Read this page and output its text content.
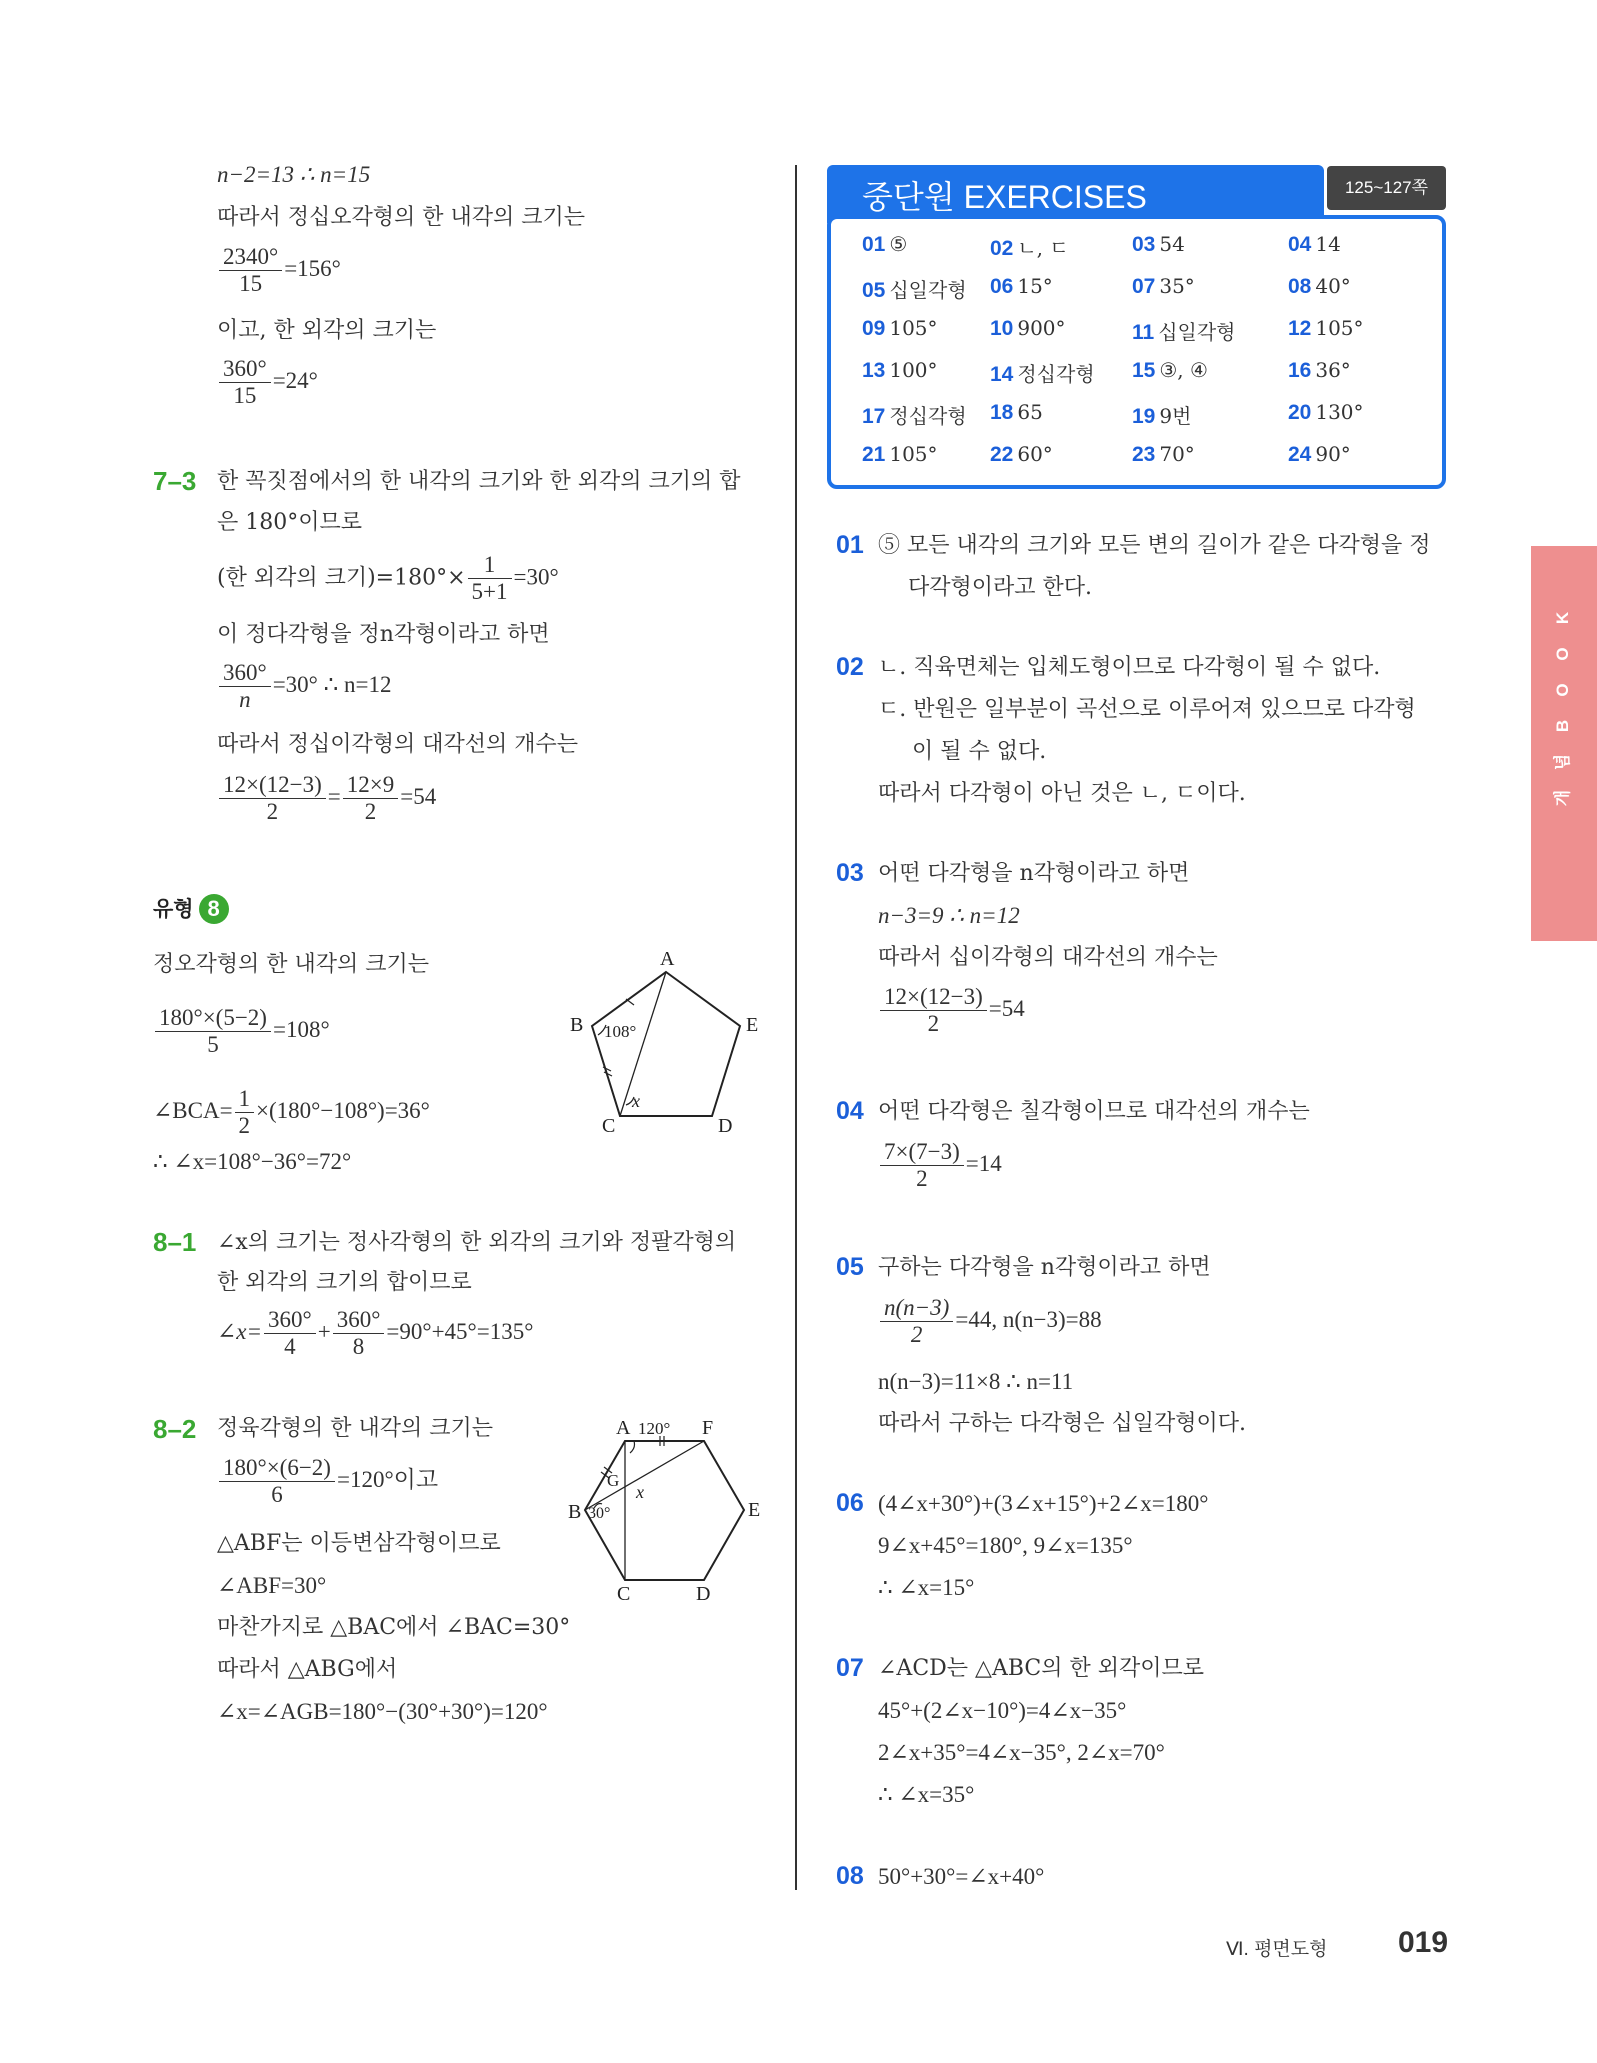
n−2=13 ∴ n=15
따라서 정십오각형의 한 내각의 크기는
$\frac{2340^\circ}{15} =156^\circ$
이고, 한 외각의 크기는
$\frac{360^\circ}{15} =24^\circ$
7–3 한 꼭짓점에서의 한 내각의 크기와 한 외각의 크기의 합
은 180°이므로
(한 외각의 크기)$=180^\circ\times \frac{1}{5+1} =30^\circ$
이 정다각형을 정n각형이라고 하면
$\frac{360^\circ}{n} =30^\circ$ ∴ n=12
따라서 정십이각형의 대각선의 개수는
$\frac{12\times(12-3)}{2} = \frac{12\times 9}{2} =54$
유형 8
정오각형의 한 내각의 크기는
$\frac{180^\circ\times(5-2)}{5} =108^\circ$
∠BCA= $\frac{1}{2} \times(180^\circ-108^\circ)=36^\circ$
∴ ∠x=108°−36°=72°
A
E
B
C	D
108°
x
8–1 ∠x의 크기는 정사각형의 한 외각의 크기와 정팔각형의
한 외각의 크기의 합이므로
∠x= $\frac{360^\circ}{4} + \frac{360^\circ}{8} =90^\circ+45^\circ=135^\circ$
8–2 정육각형의 한 내각의 크기는
$\frac{180^\circ\times(6-2)}{6} =120^\circ$이고
△ABF는 이등변삼각형이므로
∠ABF=30°
마찬가지로 △BAC에서 ∠BAC=30°
따라서 △ABG에서
∠x=∠AGB=180°−(30°+30°)=120°
A 120° F
E
B
C	D
G
30°
x
중단원 EXERCISES	125~127쪽
01 ⑤	02 ㄴ, ㄷ	03 54	04 14
05 십일각형 06 15°	07 35°	08 40°
09 105° 10 900°	11 십일각형	12 105°
13 100° 14 정십각형 15 ③, ④	16 36°
17 정십각형 18 65	19 9번	20 130°
21 105° 22 60°	23 70°	24 90°
01 ⑤ 모든 내각의 크기와 모든 변의 길이가 같은 다각형을 정
다각형이라고 한다.
02 ㄴ. 직육면체는 입체도형이므로 다각형이 될 수 없다.
ㄷ. 반원은 일부분이 곡선으로 이루어져 있으므로 다각형
이 될 수 없다.
따라서 다각형이 아닌 것은 ㄴ, ㄷ이다.
03 어떤 다각형을 n각형이라고 하면
n−3=9 ∴ n=12
따라서 십이각형의 대각선의 개수는
$\frac{12\times(12-3)}{2} =54$
04 어떤 다각형은 칠각형이므로 대각선의 개수는
$\frac{7\times(7-3)}{2} =14$
05 구하는 다각형을 n각형이라고 하면
$\frac{n(n-3)}{2} =44$, n(n−3)=88
n(n−3)=11×8 ∴ n=11
따라서 구하는 다각형은 십일각형이다.
06 (4∠x+30°)+(3∠x+15°)+2∠x=180°
9∠x+45°=180°, 9∠x=135°
∴ ∠x=15°
07 ∠ACD는 △ABC의 한 외각이므로
45°+(2∠x−10°)=4∠x−35°
2∠x+35°=4∠x−35°, 2∠x=70°
∴ ∠x=35°
08 50°+30°=∠x+40°
K
O
O
B
념
개
Ⅵ. 평면도형 019
